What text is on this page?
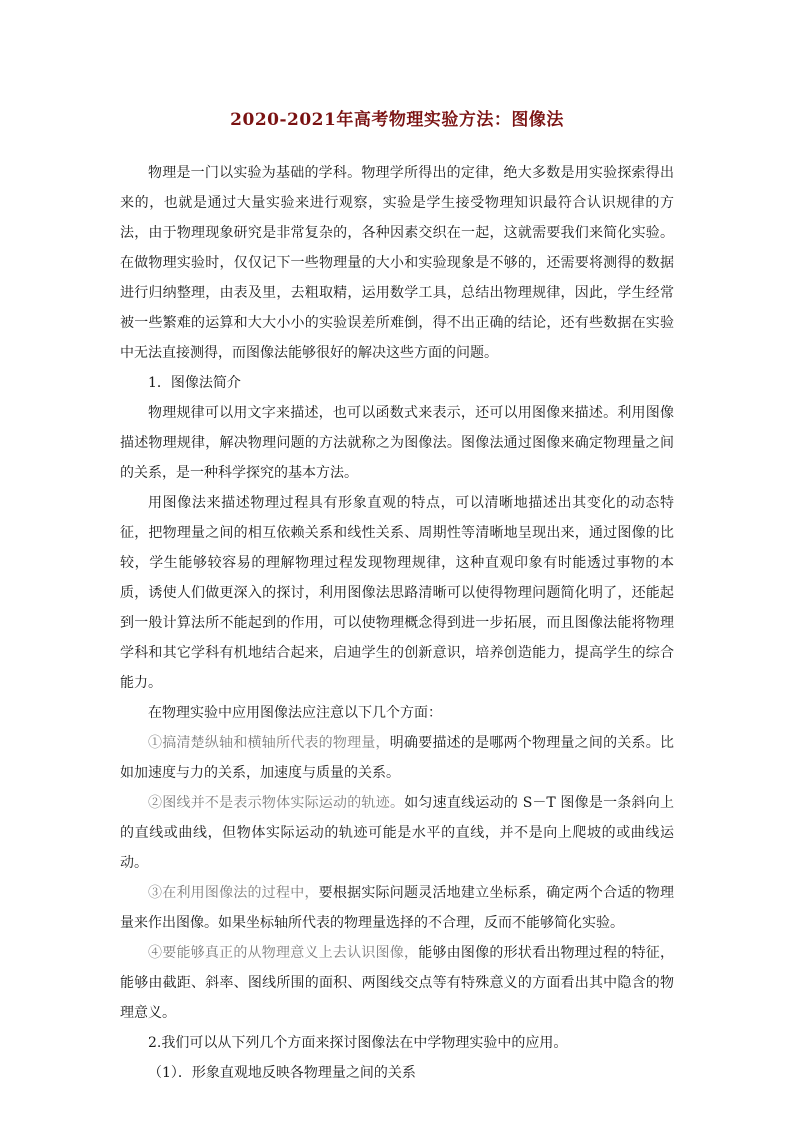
2020-2021年高考物理实验方法：图像法

物理是一门以实验为基础的学科。物理学所得出的定律，绝大多数是用实验探索得出来的，也就是通过大量实验来进行观察，实验是学生接受物理知识最符合认识规律的方法，由于物理现象研究是非常复杂的，各种因素交织在一起，这就需要我们来简化实验。在做物理实验时，仅仅记下一些物理量的大小和实验现象是不够的，还需要将测得的数据进行归纳整理，由表及里，去粗取精，运用数学工具，总结出物理规律，因此，学生经常被一些繁难的运算和大大小小的实验误差所难倒，得不出正确的结论，还有些数据在实验中无法直接测得，而图像法能够很好的解决这些方面的问题。

1．图像法简介

物理规律可以用文字来描述，也可以函数式来表示，还可以用图像来描述。利用图像描述物理规律，解决物理问题的方法就称之为图像法。图像法通过图像来确定物理量之间的关系，是一种科学探究的基本方法。

用图像法来描述物理过程具有形象直观的特点，可以清晰地描述出其变化的动态特征，把物理量之间的相互依赖关系和线性关系、周期性等清晰地呈现出来，通过图像的比较，学生能够较容易的理解物理过程发现物理规律，这种直观印象有时能透过事物的本质，诱使人们做更深入的探讨，利用图像法思路清晰可以使得物理问题简化明了，还能起到一般计算法所不能起到的作用，可以使物理概念得到进一步拓展，而且图像法能将物理学科和其它学科有机地结合起来，启迪学生的创新意识，培养创造能力，提高学生的综合能力。

在物理实验中应用图像法应注意以下几个方面：

①搞清楚纵轴和横轴所代表的物理量，明确要描述的是哪两个物理量之间的关系。比如加速度与力的关系，加速度与质量的关系。

②图线并不是表示物体实际运动的轨迹。如匀速直线运动的 S－T 图像是一条斜向上的直线或曲线，但物体实际运动的轨迹可能是水平的直线，并不是向上爬坡的或曲线运动。

③在利用图像法的过程中，要根据实际问题灵活地建立坐标系，确定两个合适的物理量来作出图像。如果坐标轴所代表的物理量选择的不合理，反而不能够简化实验。

④要能够真正的从物理意义上去认识图像，能够由图像的形状看出物理过程的特征，能够由截距、斜率、图线所围的面积、两图线交点等有特殊意义的方面看出其中隐含的物理意义。

2.我们可以从下列几个方面来探讨图像法在中学物理实验中的应用。

（1）．形象直观地反映各物理量之间的关系
